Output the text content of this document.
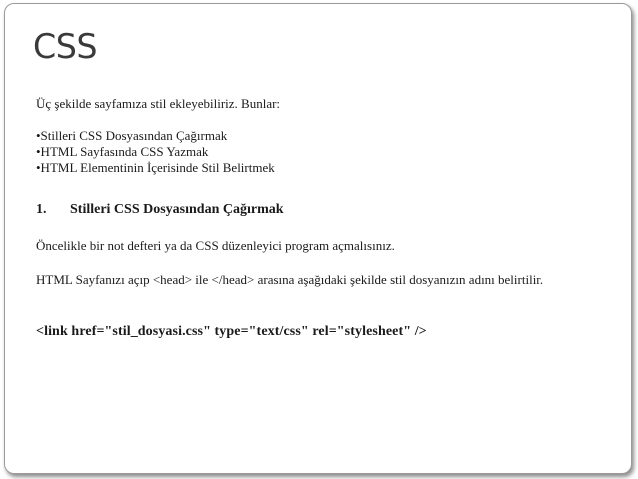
CSS
Üç şekilde sayfamıza stil ekleyebiliriz. Bunlar:
•Stilleri CSS Dosyasından Çağırmak
•HTML Sayfasında CSS Yazmak
•HTML Elementinin İçerisinde Stil Belirtmek
1. Stilleri CSS Dosyasından Çağırmak
Öncelikle bir not defteri ya da CSS düzenleyici program açmalısınız.
HTML Sayfanızı açıp <head> ile </head> arasına aşağıdaki şekilde stil dosyanızın adını belirtilir.
<link href="stil_dosyasi.css" type="text/css" rel="stylesheet" />
